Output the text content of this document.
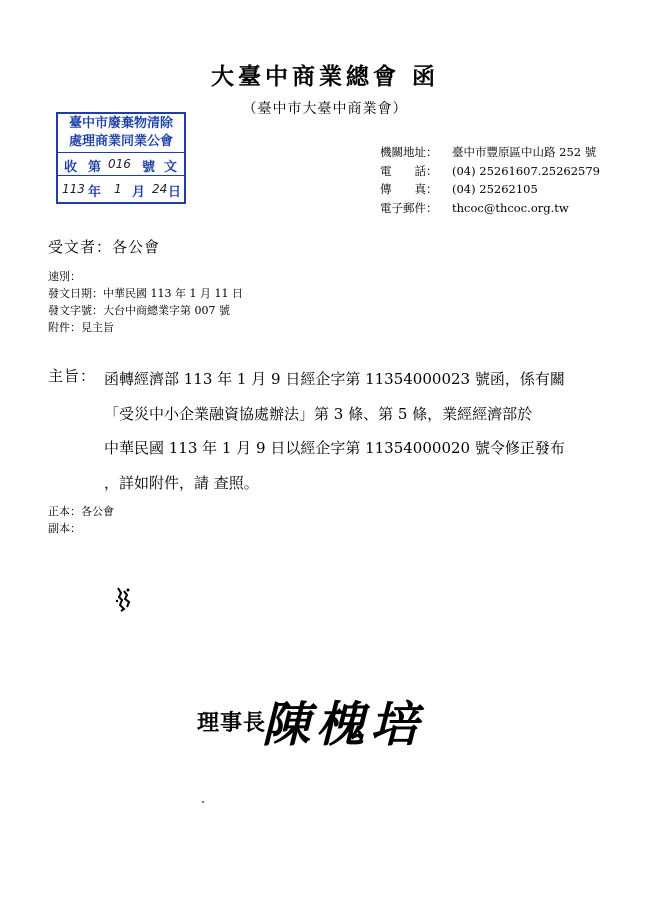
大臺中商業總會 函
（臺中市大臺中商業會）
臺中市廢棄物清除
處理商業同業公會
收 第 016 號 文
113 年 1 月 24 日
機關地址：	臺中市豐原區中山路 252 號
電　　話：	(04) 25261607.25262579
傳　　真：	(04) 25262105
電子郵件：	thcoc@thcoc.org.tw
受文者：各公會
速別：
發文日期：中華民國 113 年 1 月 11 日
發文字號：大台中商總業字第 007 號
附件：見主旨
主旨： 函轉經濟部 113 年 1 月 9 日經企字第 11354000023 號函，係有關
「受災中小企業融資協處辦法」第 3 條、第 5 條，業經經濟部於
中華民國 113 年 1 月 9 日以經企字第 11354000020 號令修正發布
，詳如附件，請 查照。
正本：各公會
副本：
理事長
陳槐培
